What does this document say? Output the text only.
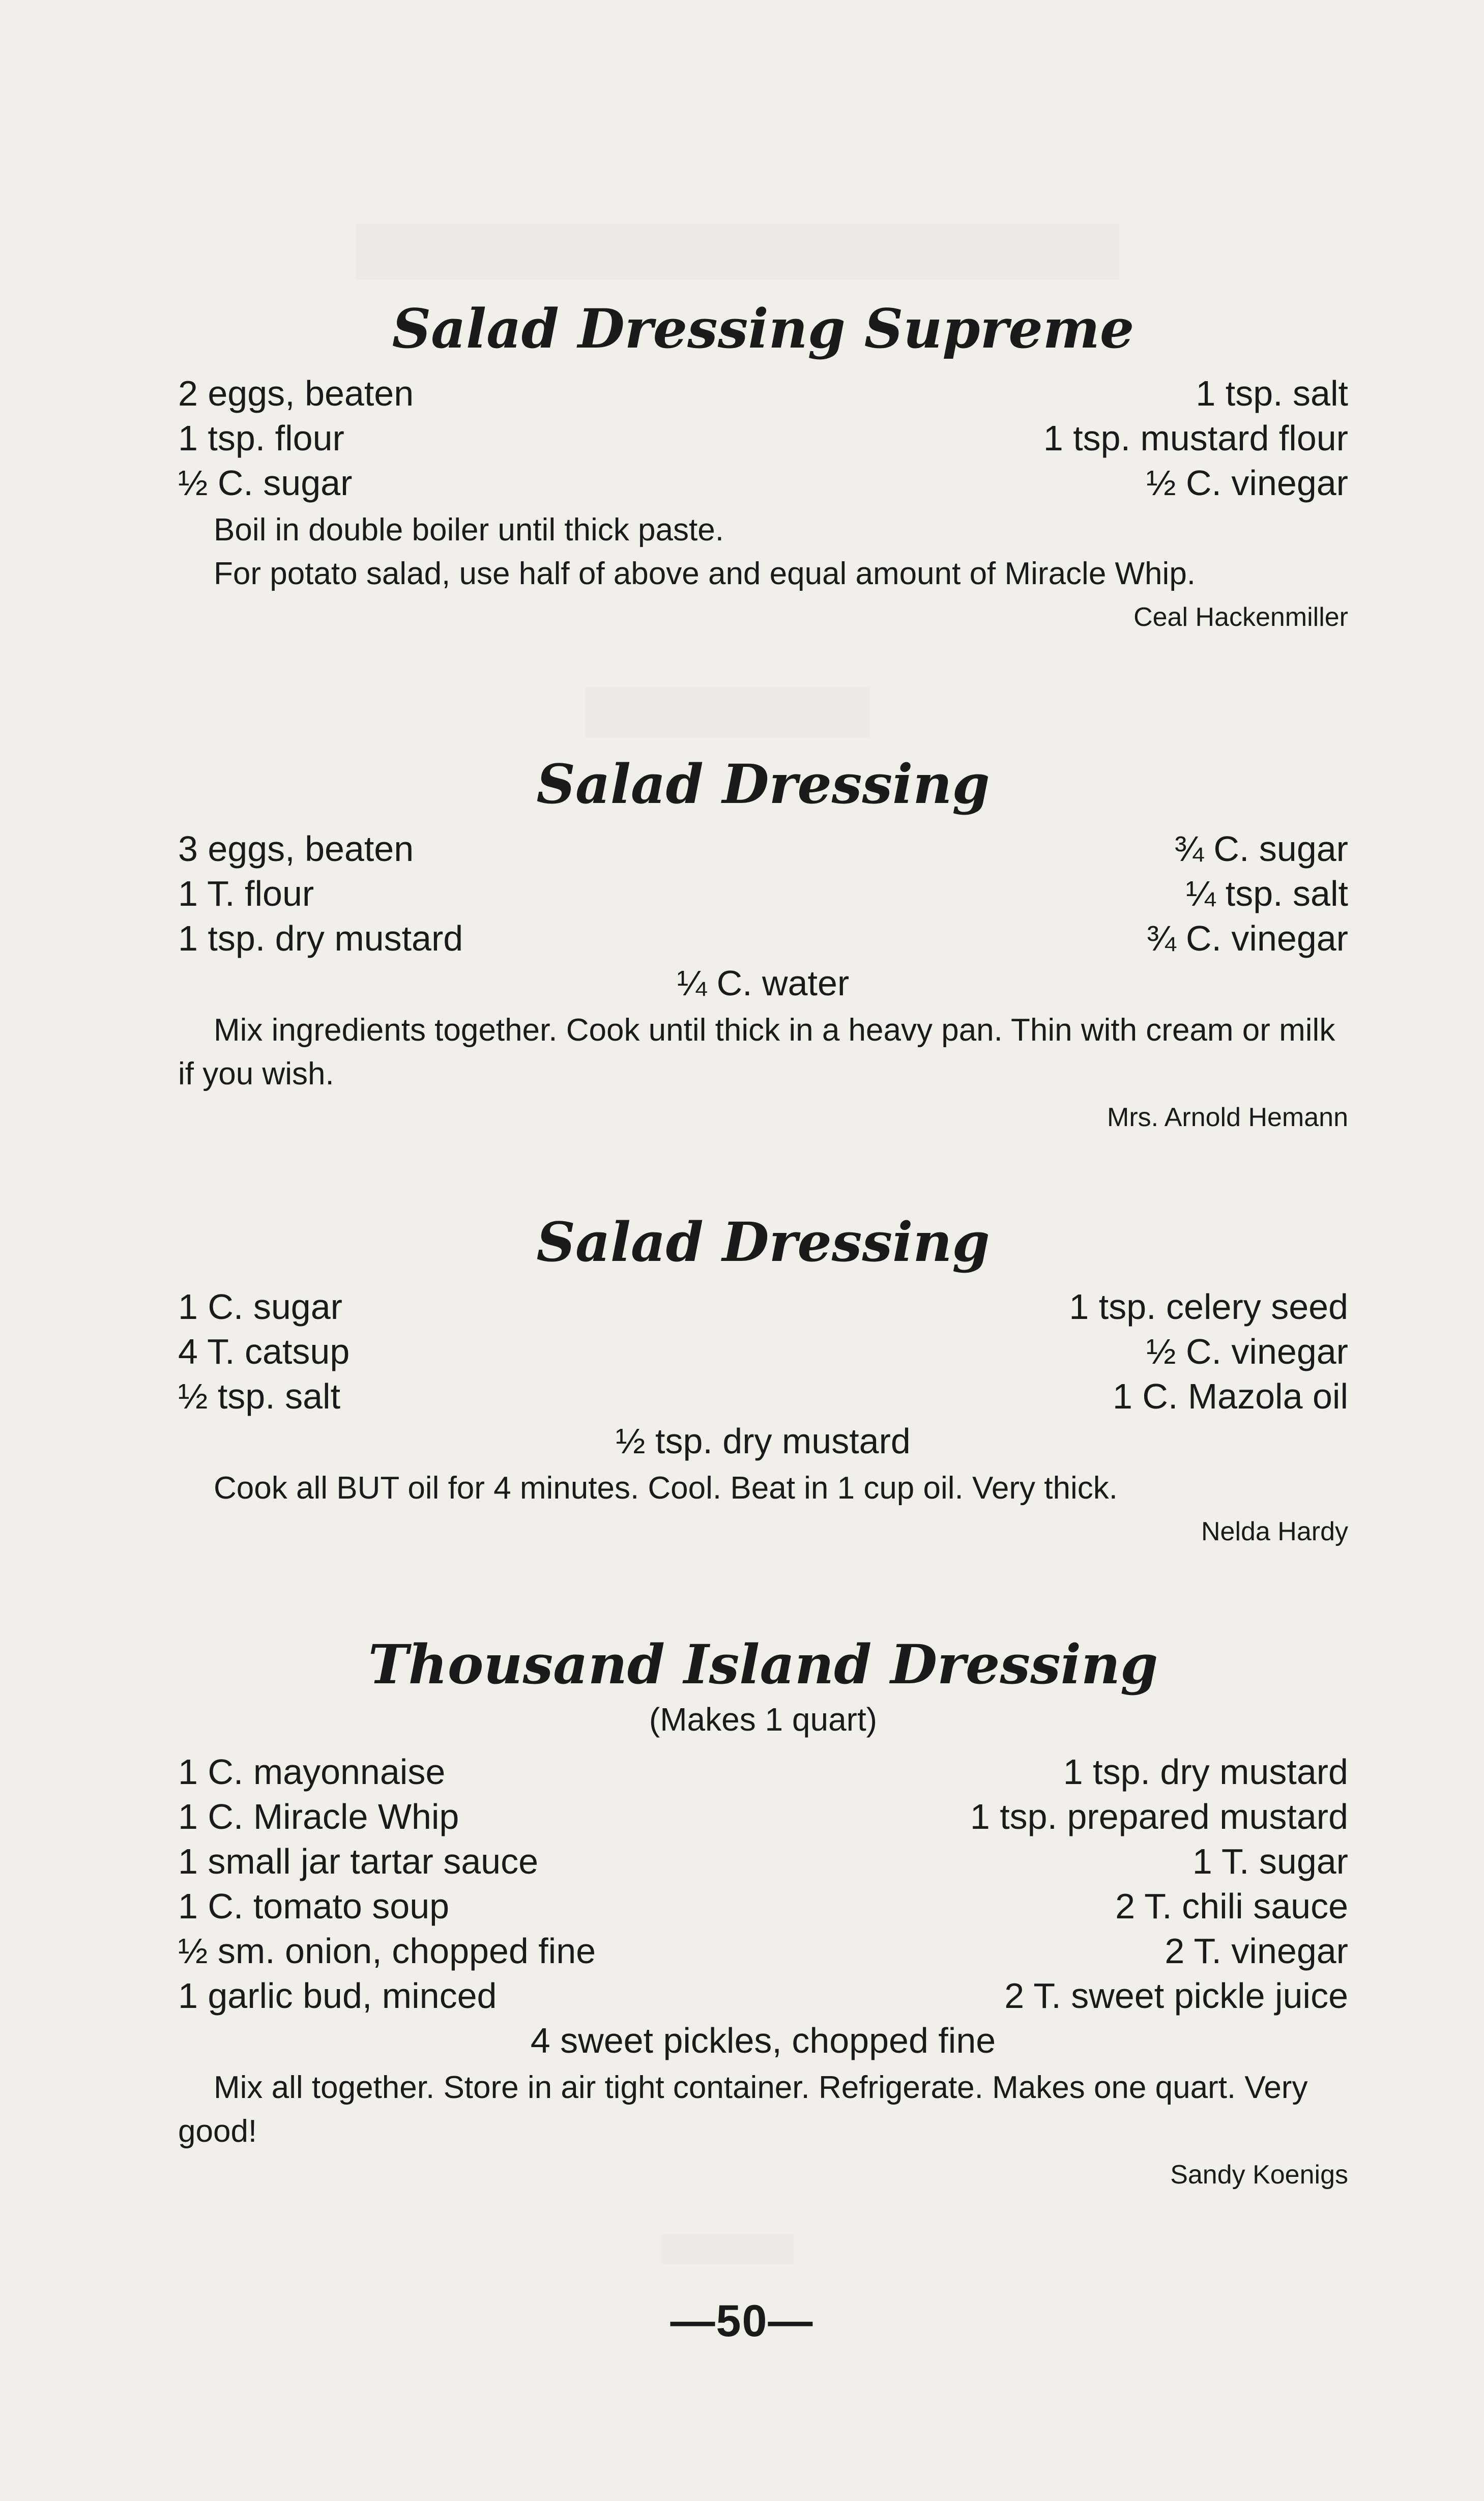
Salad Dressing Supreme
2 eggs, beaten
1 tsp. flour
½ C. sugar
1 tsp. salt
1 tsp. mustard flour
½ C. vinegar

Boil in double boiler until thick paste.

For potato salad, use half of above and equal amount of Miracle Whip.

Ceal Hackenmiller
Salad Dressing
3 eggs, beaten
1 T. flour
1 tsp. dry mustard
¾ C. sugar
¼ tsp. salt
¾ C. vinegar
¼ C. water

Mix ingredients together. Cook until thick in a heavy pan. Thin with cream or milk if you wish.

Mrs. Arnold Hemann
Salad Dressing
1 C. sugar
4 T. catsup
½ tsp. salt
1 tsp. celery seed
½ C. vinegar
1 C. Mazola oil
½ tsp. dry mustard

Cook all BUT oil for 4 minutes. Cool. Beat in 1 cup oil. Very thick.

Nelda Hardy
Thousand Island Dressing
(Makes 1 quart)
1 C. mayonnaise
1 C. Miracle Whip
1 small jar tartar sauce
1 C. tomato soup
½ sm. onion, chopped fine
1 garlic bud, minced
1 tsp. dry mustard
1 tsp. prepared mustard
1 T. sugar
2 T. chili sauce
2 T. vinegar
2 T. sweet pickle juice
4 sweet pickles, chopped fine

Mix all together. Store in air tight container. Refrigerate. Makes one quart. Very good!

Sandy Koenigs
—50—
